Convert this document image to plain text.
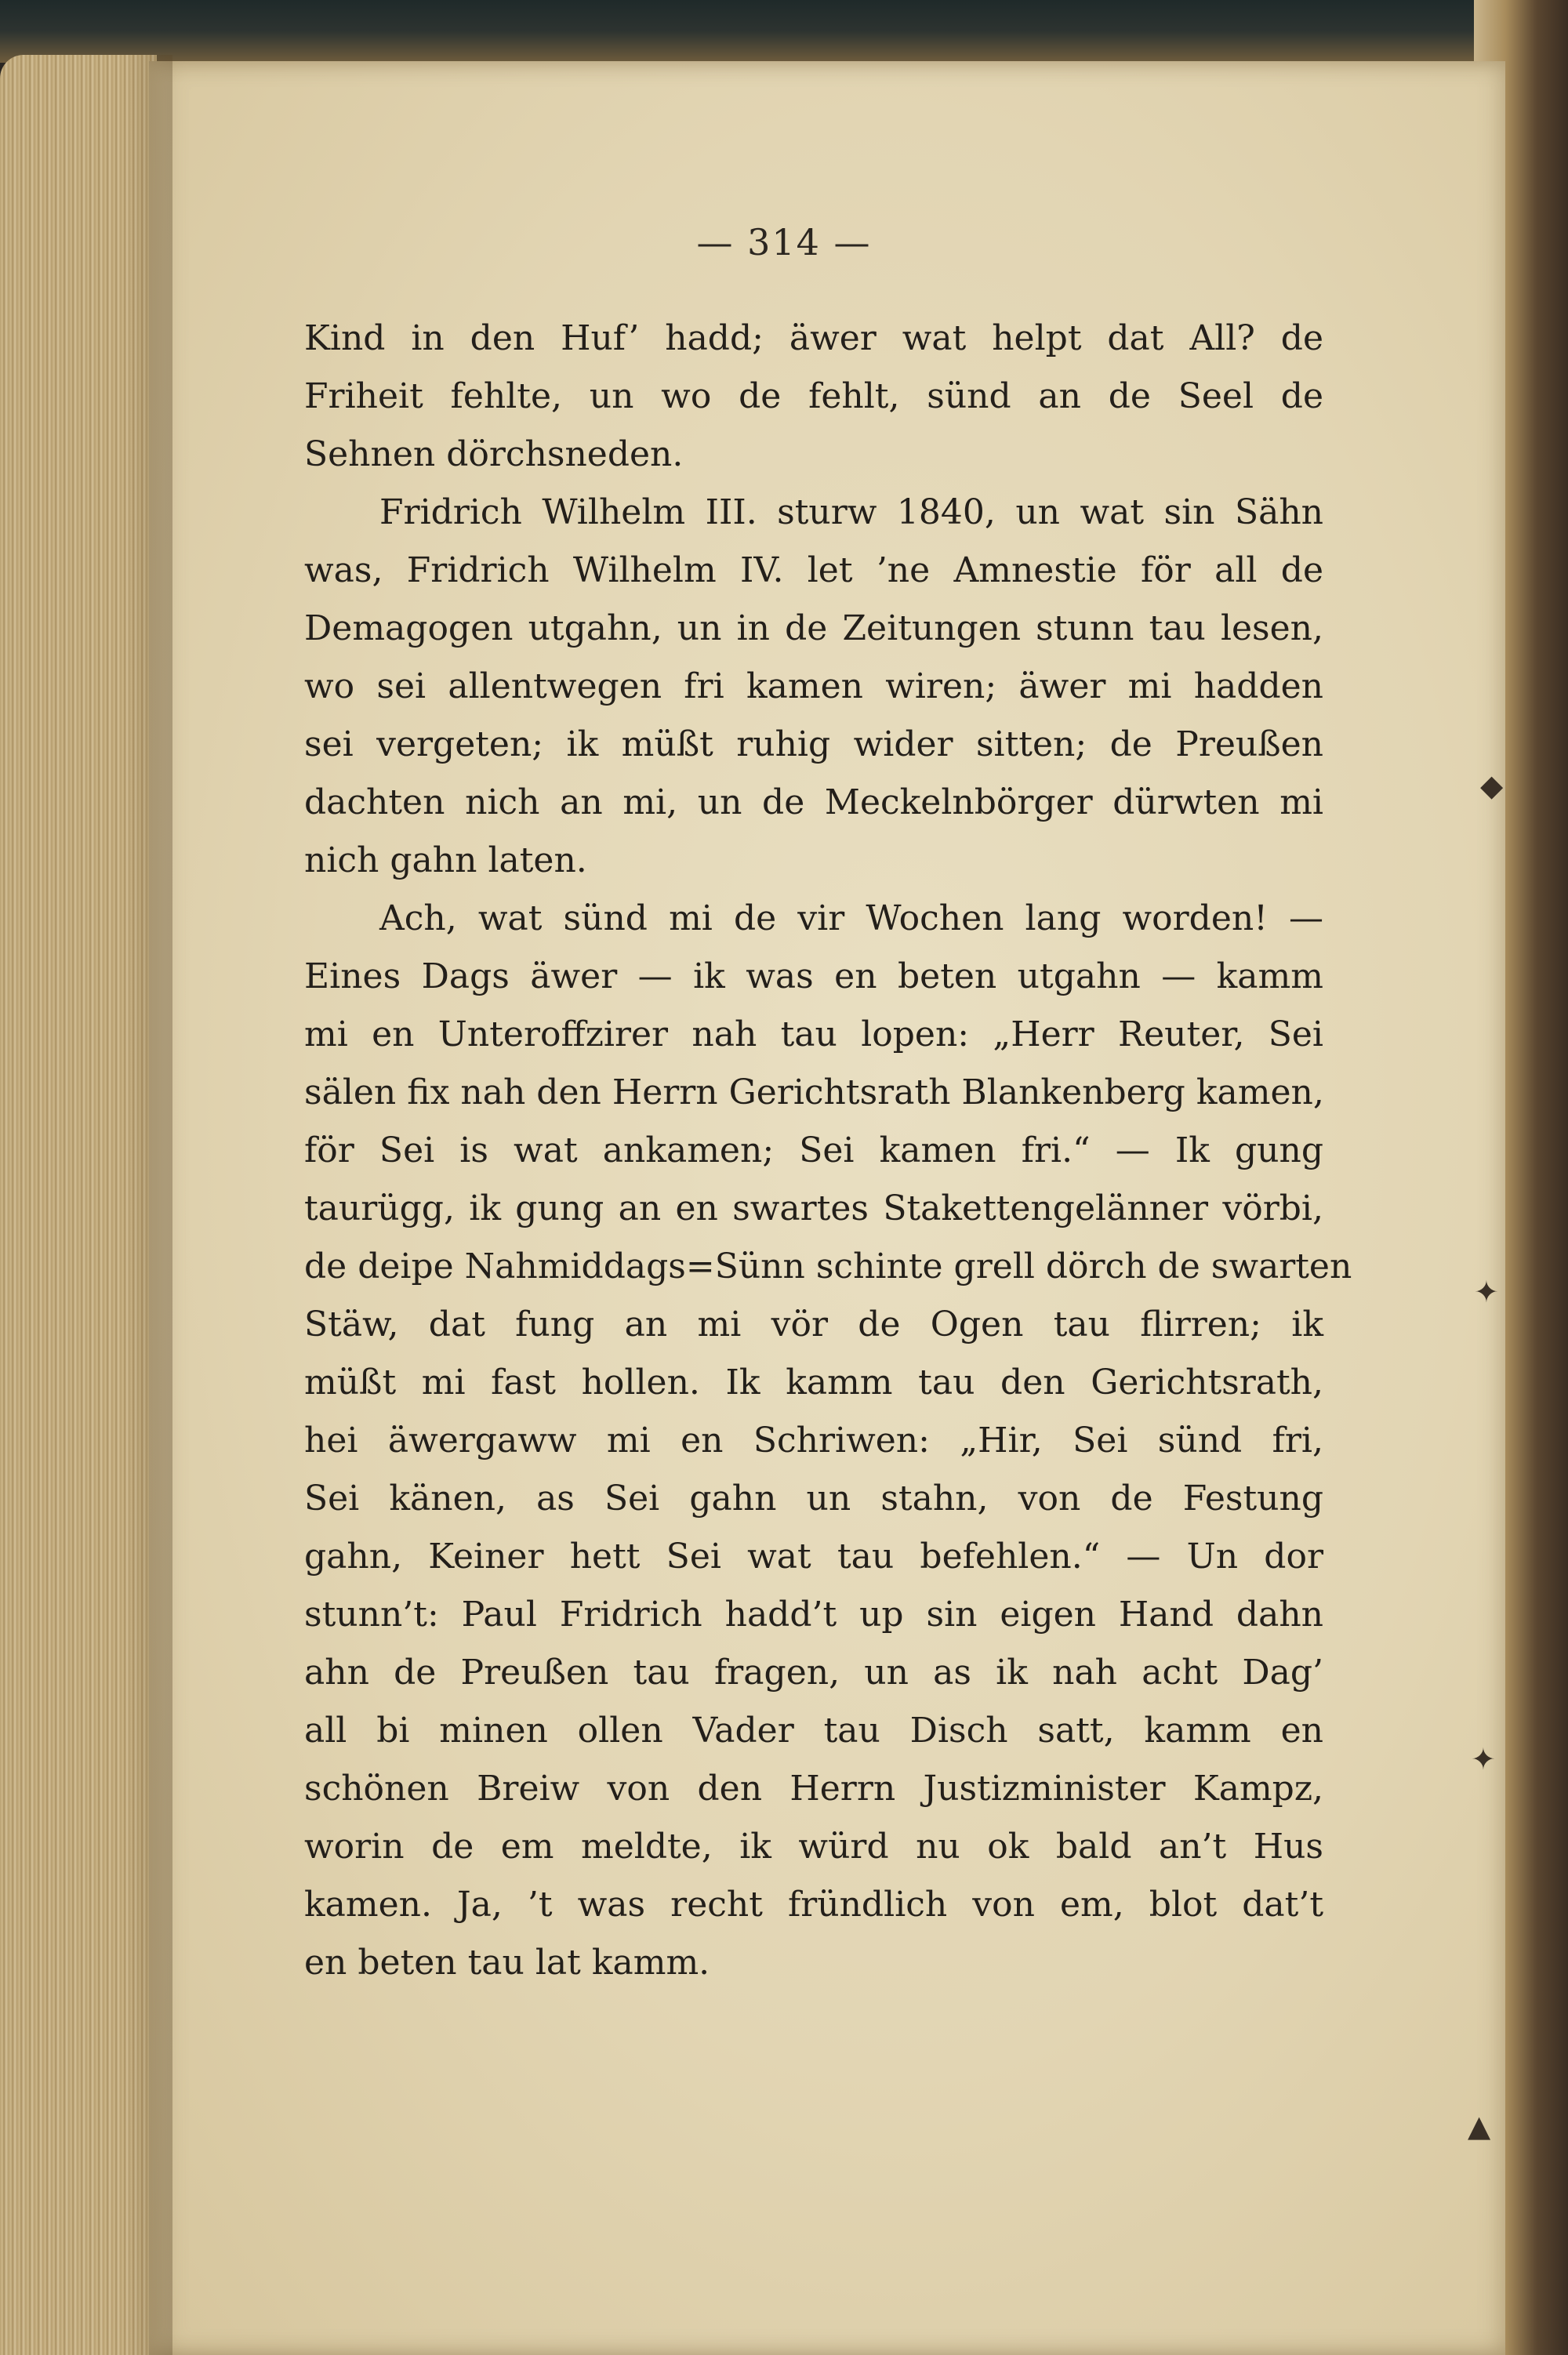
— 314 —
Kind in den Huf’ hadd; äwer wat helpt dat All? de
Friheit fehlte, un wo de fehlt, sünd an de Seel de
Sehnen dörchsneden.
Fridrich Wilhelm III. sturw 1840, un wat sin Sähn
was, Fridrich Wilhelm IV. let ’ne Amnestie för all de
Demagogen utgahn, un in de Zeitungen stunn tau lesen,
wo sei allentwegen fri kamen wiren; äwer mi hadden
sei vergeten; ik müßt ruhig wider sitten; de Preußen
dachten nich an mi, un de Meckelnbörger dürwten mi
nich gahn laten.
Ach, wat sünd mi de vir Wochen lang worden! —
Eines Dags äwer — ik was en beten utgahn — kamm
mi en Unteroffzirer nah tau lopen: „Herr Reuter, Sei
sälen fix nah den Herrn Gerichtsrath Blankenberg kamen,
för Sei is wat ankamen; Sei kamen fri.“ — Ik gung
taurügg, ik gung an en swartes Stakettengelänner vörbi,
de deipe Nahmiddags=Sünn schinte grell dörch de swarten
Stäw, dat fung an mi vör de Ogen tau flirren; ik
müßt mi fast hollen. Ik kamm tau den Gerichtsrath,
hei äwergaww mi en Schriwen: „Hir, Sei sünd fri,
Sei känen, as Sei gahn un stahn, von de Festung
gahn, Keiner hett Sei wat tau befehlen.“ — Un dor
stunn’t: Paul Fridrich hadd’t up sin eigen Hand dahn
ahn de Preußen tau fragen, un as ik nah acht Dag’
all bi minen ollen Vader tau Disch satt, kamm en
schönen Breiw von den Herrn Justizminister Kampz,
worin de em meldte, ik würd nu ok bald an’t Hus
kamen. Ja, ’t was recht fründlich von em, blot dat’t
en beten tau lat kamm.
◆
✦
✦
▲
